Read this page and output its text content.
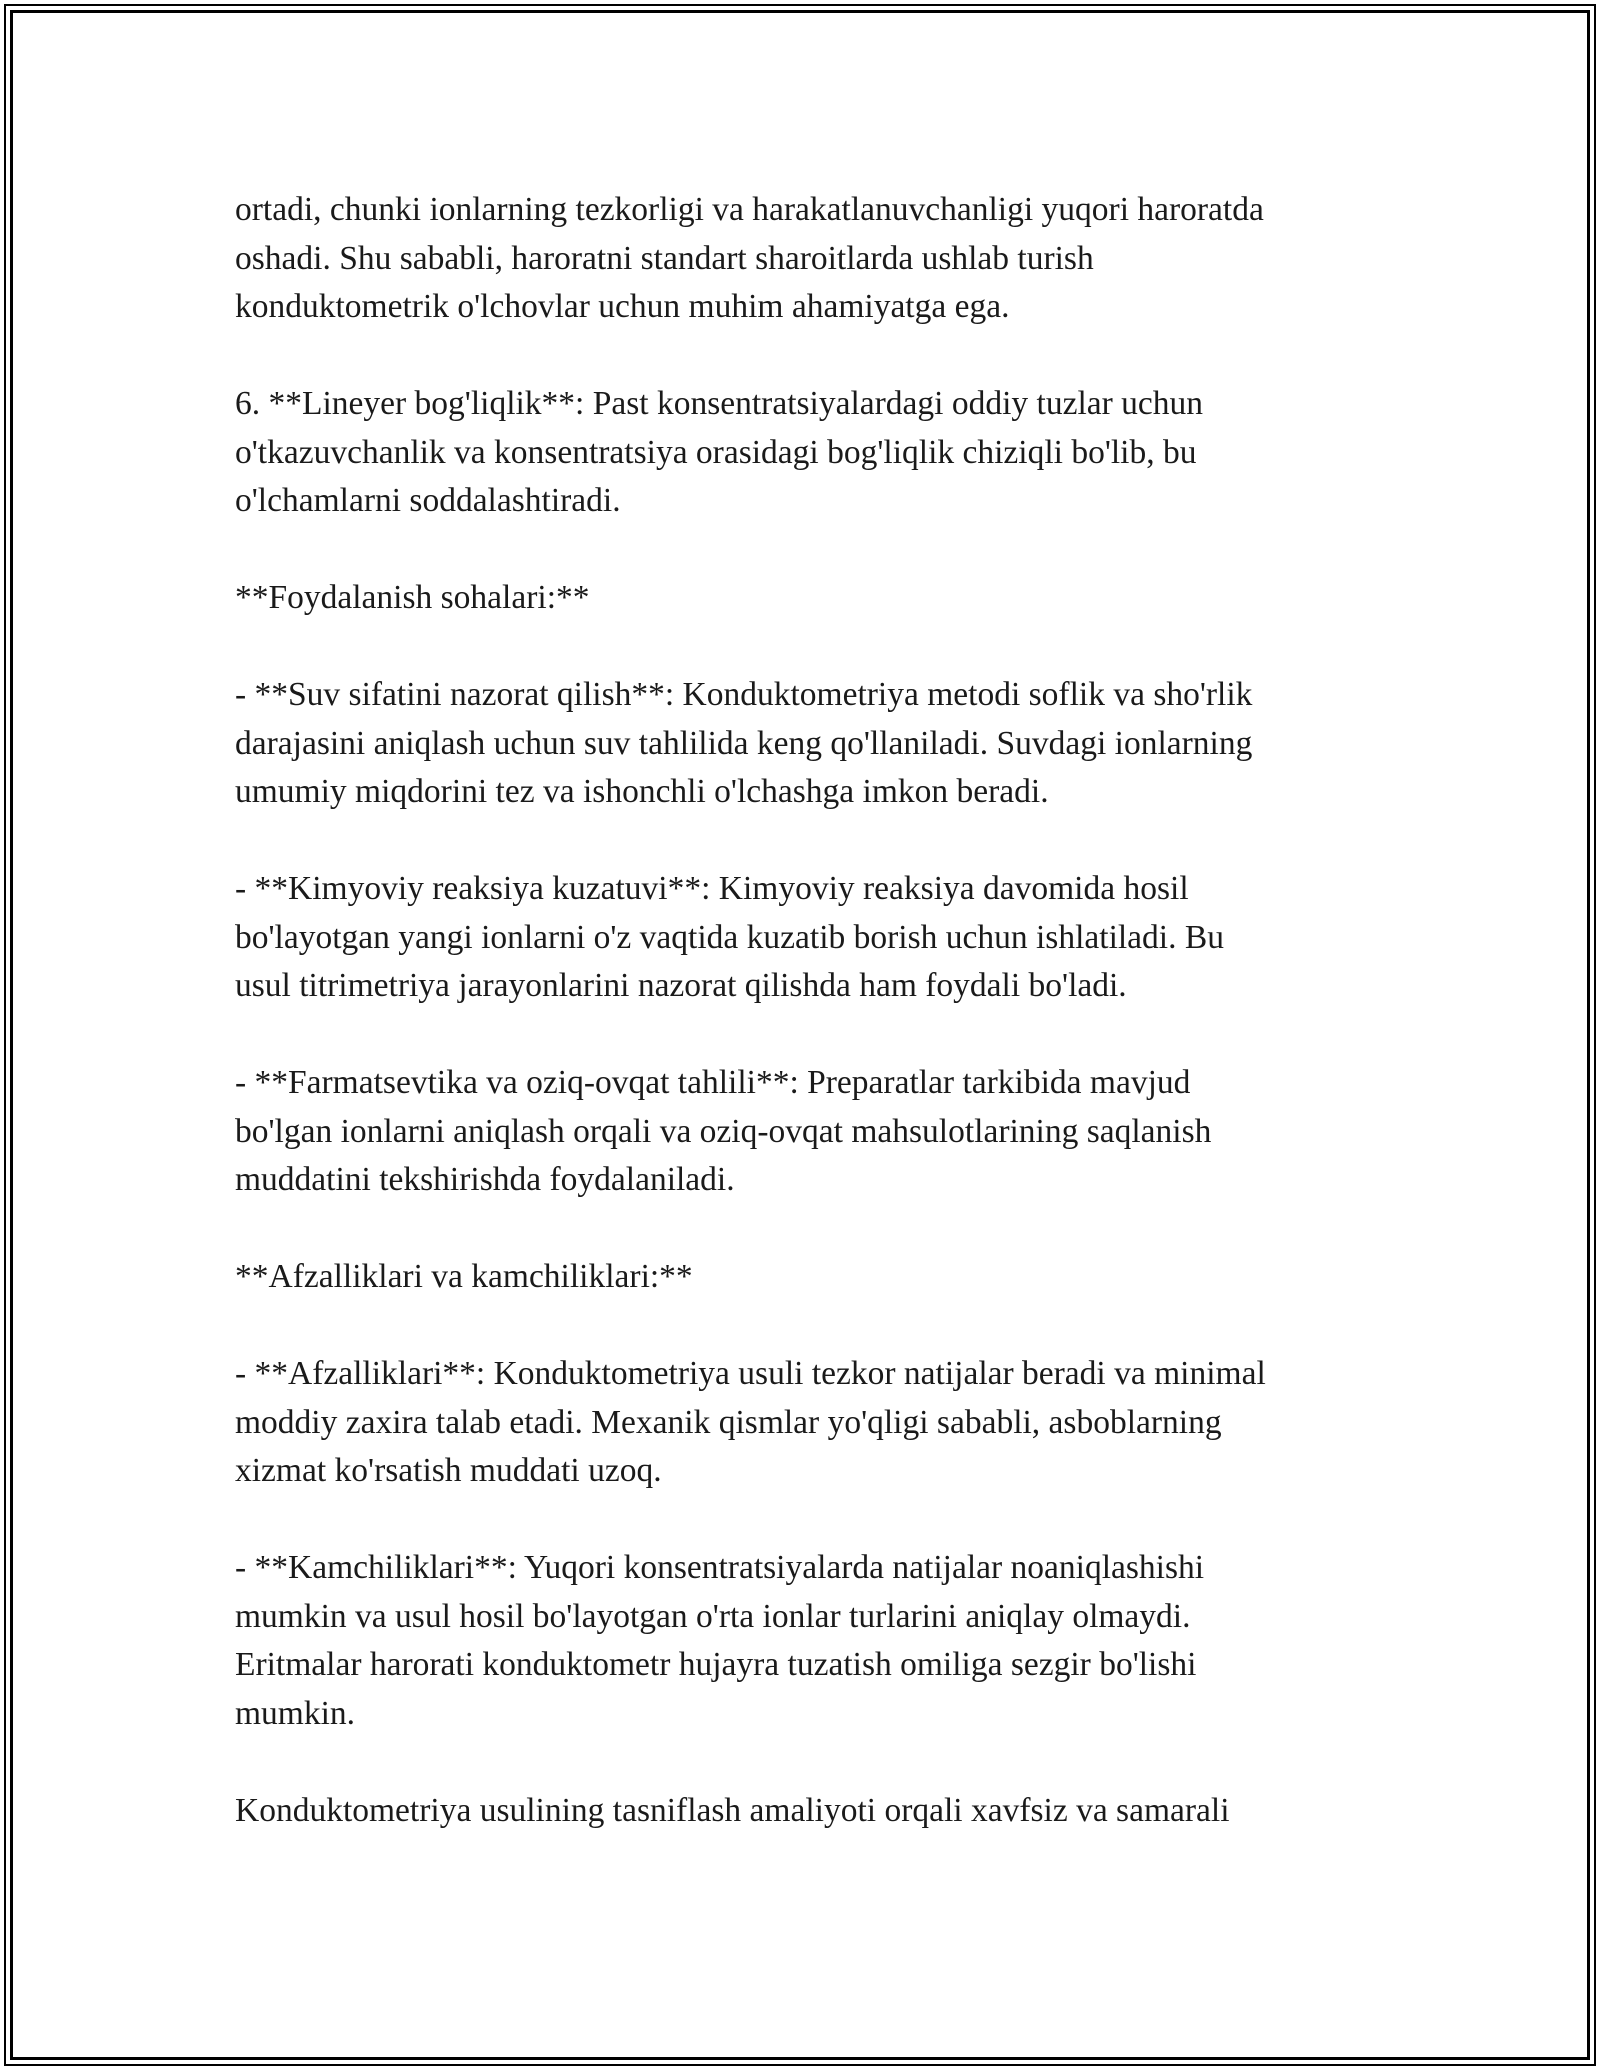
ortadi, chunki ionlarning tezkorligi va harakatlanuvchanligi yuqori haroratda
oshadi. Shu sababli, haroratni standart sharoitlarda ushlab turish
konduktometrik o'lchovlar uchun muhim ahamiyatga ega.

6. **Lineyer bog'liqlik**: Past konsentratsiyalardagi oddiy tuzlar uchun
o'tkazuvchanlik va konsentratsiya orasidagi bog'liqlik chiziqli bo'lib, bu
o'lchamlarni soddalashtiradi.

**Foydalanish sohalari:**

- **Suv sifatini nazorat qilish**: Konduktometriya metodi soflik va sho'rlik
darajasini aniqlash uchun suv tahlilida keng qo'llaniladi. Suvdagi ionlarning
umumiy miqdorini tez va ishonchli o'lchashga imkon beradi.

- **Kimyoviy reaksiya kuzatuvi**: Kimyoviy reaksiya davomida hosil
bo'layotgan yangi ionlarni o'z vaqtida kuzatib borish uchun ishlatiladi. Bu
usul titrimetriya jarayonlarini nazorat qilishda ham foydali bo'ladi.

- **Farmatsevtika va oziq-ovqat tahlili**: Preparatlar tarkibida mavjud
bo'lgan ionlarni aniqlash orqali va oziq-ovqat mahsulotlarining saqlanish
muddatini tekshirishda foydalaniladi.

**Afzalliklari va kamchiliklari:**

- **Afzalliklari**: Konduktometriya usuli tezkor natijalar beradi va minimal
moddiy zaxira talab etadi. Mexanik qismlar yo'qligi sababli, asboblarning
xizmat ko'rsatish muddati uzoq.

- **Kamchiliklari**: Yuqori konsentratsiyalarda natijalar noaniqlashishi
mumkin va usul hosil bo'layotgan o'rta ionlar turlarini aniqlay olmaydi.
Eritmalar harorati konduktometr hujayra tuzatish omiliga sezgir bo'lishi
mumkin.

Konduktometriya usulining tasniflash amaliyoti orqali xavfsiz va samarali
